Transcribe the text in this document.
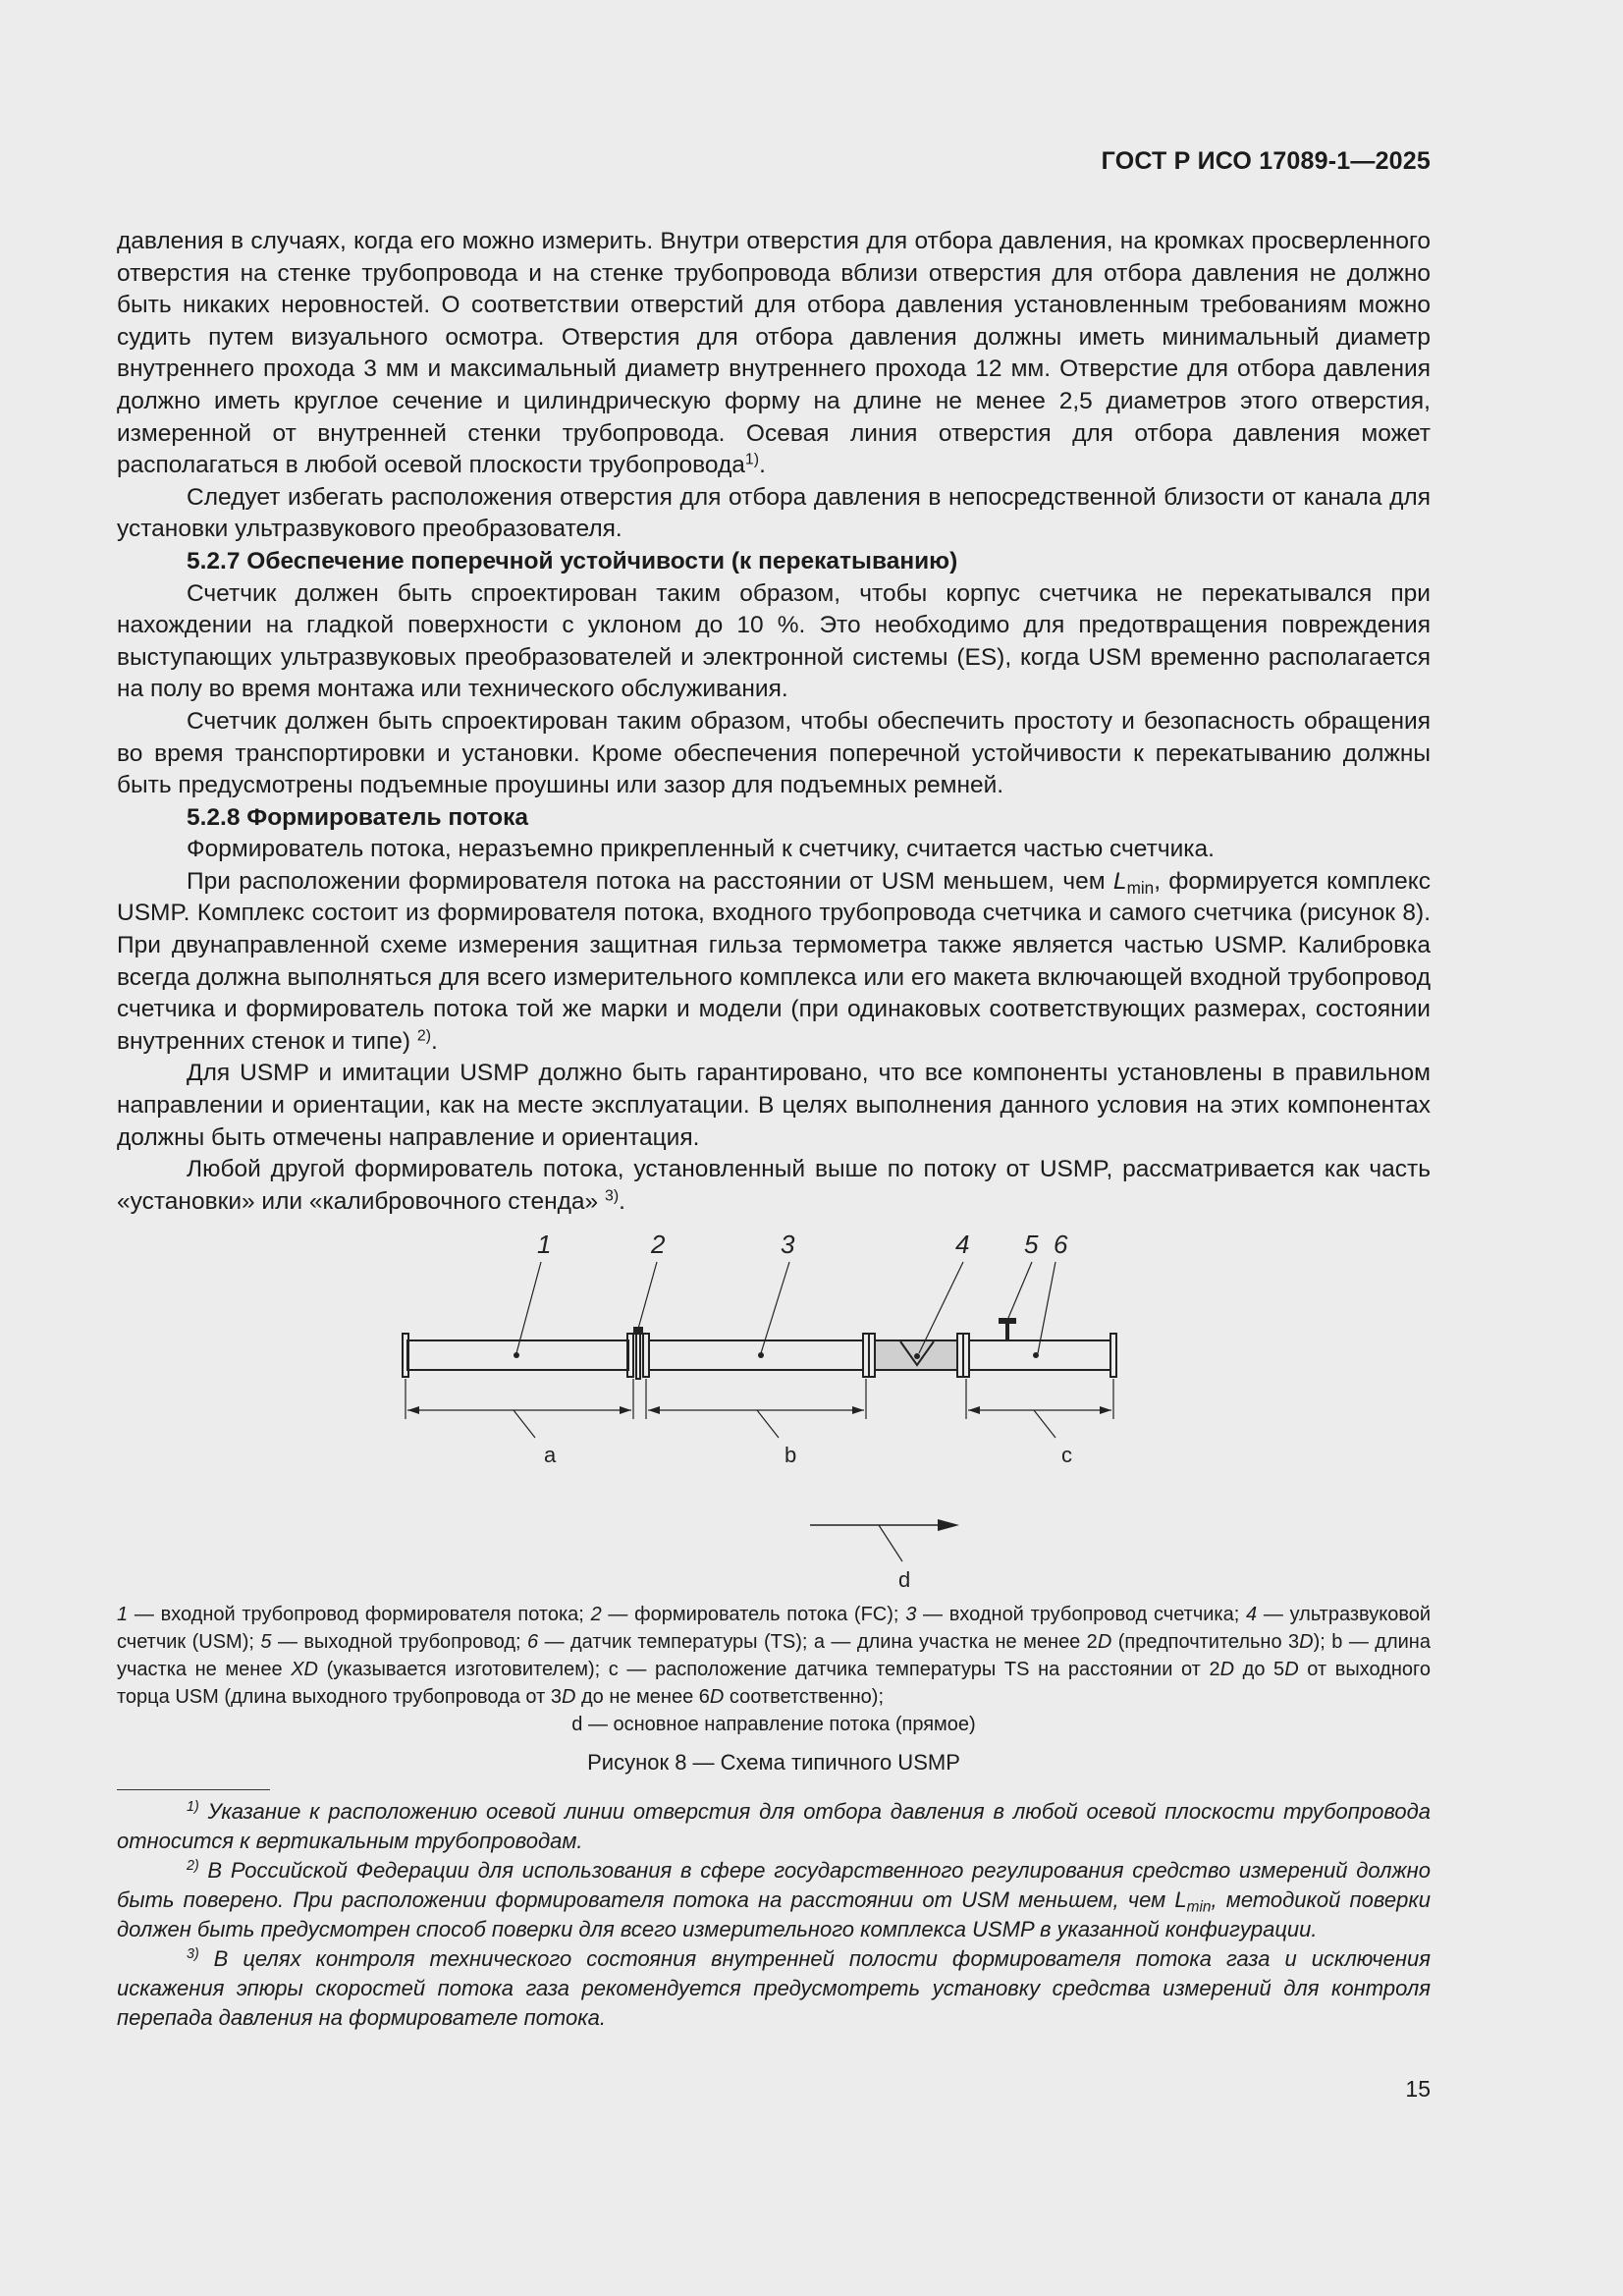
ГОСТ Р ИСО 17089-1—2025

давления в случаях, когда его можно измерить. Внутри отверстия для отбора давления, на кромках просверленного отверстия на стенке трубопровода и на стенке трубопровода вблизи отверстия для отбора давления не должно быть никаких неровностей. О соответствии отверстий для отбора давления установленным требованиям можно судить путем визуального осмотра. Отверстия для отбора давления должны иметь минимальный диаметр внутреннего прохода 3 мм и максимальный диаметр внутреннего прохода 12 мм. Отверстие для отбора давления должно иметь круглое сечение и цилиндрическую форму на длине не менее 2,5 диаметров этого отверстия, измеренной от внутренней стенки трубопровода. Осевая линия отверстия для отбора давления может располагаться в любой осевой плоскости трубопровода$^{1)}$.

Следует избегать расположения отверстия для отбора давления в непосредственной близости от канала для установки ультразвукового преобразователя.

5.2.7 Обеспечение поперечной устойчивости (к перекатыванию)

Счетчик должен быть спроектирован таким образом, чтобы корпус счетчика не перекатывался при нахождении на гладкой поверхности с уклоном до 10 %. Это необходимо для предотвращения повреждения выступающих ультразвуковых преобразователей и электронной системы (ES), когда USM временно располагается на полу во время монтажа или технического обслуживания.

Счетчик должен быть спроектирован таким образом, чтобы обеспечить простоту и безопасность обращения во время транспортировки и установки. Кроме обеспечения поперечной устойчивости к перекатыванию должны быть предусмотрены подъемные проушины или зазор для подъемных ремней.

5.2.8 Формирователь потока

Формирователь потока, неразъемно прикрепленный к счетчику, считается частью счетчика.

При расположении формирователя потока на расстоянии от USM меньшем, чем $L_{min}$, формируется комплекс USMP. Комплекс состоит из формирователя потока, входного трубопровода счетчика и самого счетчика (рисунок 8). При двунаправленной схеме измерения защитная гильза термометра также является частью USMP. Калибровка всегда должна выполняться для всего измерительного комплекса или его макета включающей входной трубопровод счетчика и формирователь потока той же марки и модели (при одинаковых соответствующих размерах, состоянии внутренних стенок и типе) $^{2)}$.

Для USMP и имитации USMP должно быть гарантировано, что все компоненты установлены в правильном направлении и ориентации, как на месте эксплуатации. В целях выполнения данного условия на этих компонентах должны быть отмечены направление и ориентация.

Любой другой формирователь потока, установленный выше по потоку от USMP, рассматривается как часть «установки» или «калибровочного стенда» $^{3)}$.

1	2	3	4 5 6
a	b	c
d
1 — входной трубопровод формирователя потока; 2 — формирователь потока (FC); 3 — входной трубопровод счетчика; 4 — ультразвуковой счетчик (USM); 5 — выходной трубопровод; 6 — датчик температуры (TS); a — длина участка не менее 2D (предпочтительно 3D); b — длина участка не менее XD (указывается изготовителем); c — расположение датчика температуры TS на расстоянии от 2D до 5D от выходного торца USM (длина выходного трубопровода от 3D до не менее 6D соответственно);
d — основное направление потока (прямое)
Рисунок 8 — Схема типичного USMP

$^{1)}$ Указание к расположению осевой линии отверстия для отбора давления в любой осевой плоскости трубопровода относится к вертикальным трубопроводам.

$^{2)}$ В Российской Федерации для использования в сфере государственного регулирования средство измерений должно быть поверено. При расположении формирователя потока на расстоянии от USM меньшем, чем $L_{min}$, методикой поверки должен быть предусмотрен способ поверки для всего измерительного комплекса USMP в указанной конфигурации.

$^{3)}$ В целях контроля технического состояния внутренней полости формирователя потока газа и исключения искажения эпюры скоростей потока газа рекомендуется предусмотреть установку средства измерений для контроля перепада давления на формирователе потока.

15
